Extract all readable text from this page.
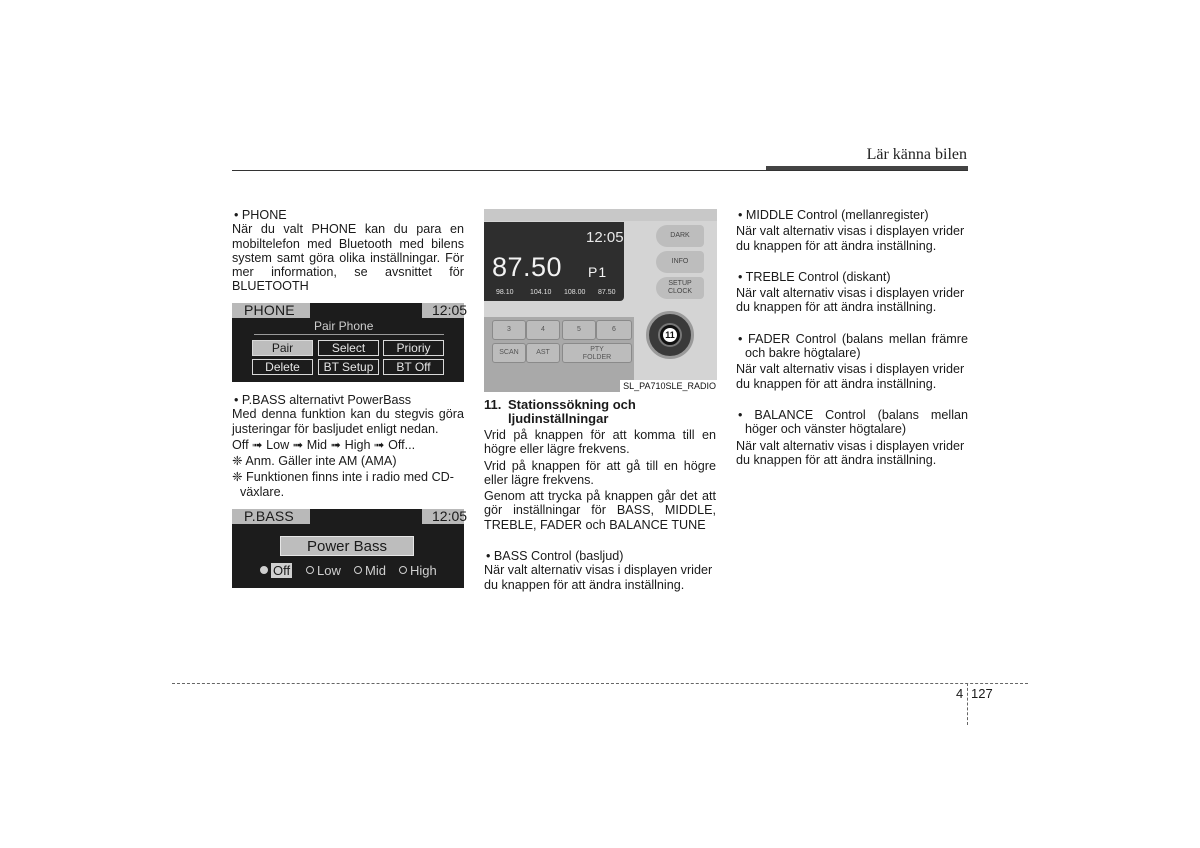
Lär känna bilen

• PHONE

När du valt PHONE kan du para en mobiltelefon med Bluetooth med bilens system samt göra olika inställningar. För mer information, se avsnittet för BLUETOOTH

PHONE	12:05
Pair Phone
Pair	Select	Prioriy
Delete	BT Setup	BT Off

• P.BASS alternativt PowerBass

Med denna funktion kan du stegvis göra justeringar för basljudet enligt nedan.

Off ➟ Low ➟ Mid ➟ High ➟ Off...

❈ Anm. Gäller inte AM (AMA)

❈ Funktionen finns inte i radio med CD-växlare.

P.BASS	12:05
Power Bass
Off	Low	Mid	High
12:05
87.50 P1
98.10 104.10 108.00 87.50
DARK
INFO
SETUP
CLOCK
3	4	5	6
SCAN	AST	PTY
FOLDER
11
SL_PA710SLE_RADIO

11. Stationssökning och ljudinställningar

Vrid på knappen för att komma till en högre eller lägre frekvens.

Vrid på knappen för att gå till en högre eller lägre frekvens.

Genom att trycka på knappen går det att gör inställningar för BASS, MIDDLE, TREBLE, FADER och BALANCE TUNE

• BASS Control (basljud)

När valt alternativ visas i displayen vrider du knappen för att ändra inställning.

• MIDDLE Control (mellanregister)

När valt alternativ visas i displayen vrider du knappen för att ändra inställning.

• TREBLE Control (diskant)

När valt alternativ visas i displayen vrider du knappen för att ändra inställning.

• FADER Control (balans mellan främre och bakre högtalare)

När valt alternativ visas i displayen vrider du knappen för att ändra inställning.

• BALANCE Control (balans mellan höger och vänster högtalare)

När valt alternativ visas i displayen vrider du knappen för att ändra inställning.

4 127
